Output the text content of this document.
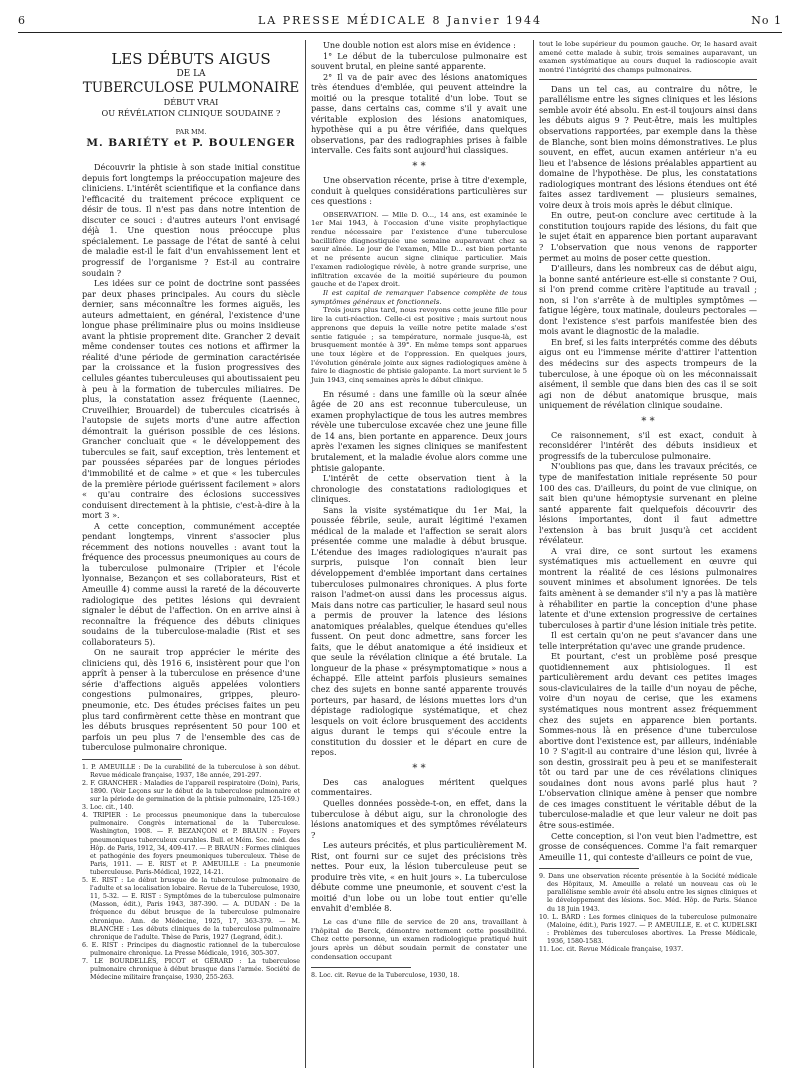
6	LA PRESSE MÉDICALE 8 Janvier 1944	No 1
LES DÉBUTS AIGUS
DE LA
TUBERCULOSE PULMONAIRE
DÉBUT VRAI
OU RÉVÉLATION CLINIQUE SOUDAINE ?
PAR MM.
M. BARIÉTY et P. BOULENGER

Découvrir la phtisie à son stade initial constitue depuis fort longtemps la préoccupation majeure des cliniciens. L'intérêt scientifique et la confiance dans l'efficacité du traitement précoce expliquent ce désir de tous. Il n'est pas dans notre intention de discuter ce souci : d'autres auteurs l'ont envisagé déjà 1. Une question nous préoccupe plus spécialement. Le passage de l'état de santé à celui de maladie est-il le fait d'un envahissement lent et progressif de l'organisme ? Est-il au contraire soudain ?

Les idées sur ce point de doctrine sont passées par deux phases principales. Au cours du siècle dernier, sans méconnaître les formes aiguës, les auteurs admettaient, en général, l'existence d'une longue phase préliminaire plus ou moins insidieuse avant la phtisie proprement dite. Grancher 2 devait même condenser toutes ces notions et affirmer la réalité d'une période de germination caractérisée par la croissance et la fusion progressives des cellules géantes tuberculeuses qui aboutissaient peu à peu à la formation de tubercules miliaires. De plus, la constatation assez fréquente (Laennec, Cruveilhier, Brouardel) de tubercules cicatrisés à l'autopsie de sujets morts d'une autre affection démontrait la guérison possible de ces lésions. Grancher concluait que « le développement des tubercules se fait, sauf exception, très lentement et par poussées séparées par de longues périodes d'immobilité et de calme » et que « les tubercules de la première période guérissent facilement » alors « qu'au contraire des éclosions successives conduisent directement à la phtisie, c'est-à-dire à la mort 3 ».

A cette conception, communément acceptée pendant longtemps, vinrent s'associer plus récemment des notions nouvelles : avant tout la fréquence des processus pneumoniques au cours de la tuberculose pulmonaire (Tripier et l'école lyonnaise, Bezançon et ses collaborateurs, Rist et Ameuille 4) comme aussi la rareté de la découverte radiologique des petites lésions qui devraient signaler le début de l'affection. On en arrive ainsi à reconnaître la fréquence des débuts cliniques soudains de la tuberculose-maladie (Rist et ses collaborateurs 5).

On ne saurait trop apprécier le mérite des cliniciens qui, dès 1916 6, insistèrent pour que l'on apprît à penser à la tuberculose en présence d'une série d'affections aiguës appelées volontiers congestions pulmonaires, grippes, pleuro-pneumonie, etc. Des études précises faites un peu plus tard confirmèrent cette thèse en montrant que les débuts brusques représentent 50 pour 100 et parfois un peu plus 7 de l'ensemble des cas de tuberculose pulmonaire chronique.

1. P. AMEUILLE : De la curabilité de la tuberculose à son début. Revue médicale française, 1937, 18e année, 291-297.

2. F. GRANCHER : Maladies de l'appareil respiratoire (Doin), Paris, 1890. (Voir Leçons sur le début de la tuberculose pulmonaire et sur la période de germination de la phtisie pulmonaire, 125-169.)

3. Loc. cit., 140.

4. TRIPIER : Le processus pneumonique dans la tuberculose pulmonaire. Congrès international de la Tuberculose. Washington, 1908. — F. BEZANÇON et P. BRAUN : Foyers pneumoniques tuberculeux curables. Bull. et Mém. Soc. méd. des Hôp. de Paris, 1912, 34, 409-417. — P. BRAUN : Formes cliniques et pathogénie des foyers pneumoniques tuberculeux. Thèse de Paris, 1911. — E. RIST et P. AMEUILLE : La pneumonie tuberculeuse. Paris-Médical, 1922, 14-21.

5. E. RIST : Le début brusque de la tuberculose pulmonaire de l'adulte et sa localisation lobaire. Revue de la Tuberculose, 1930, 11, 5-32. — E. RIST : Symptômes de la tuberculose pulmonaire (Masson, édit.), Paris 1943, 387-390. — A. DUDAN : De la fréquence du début brusque de la tuberculose pulmonaire chronique. Ann. de Médecine, 1925, 17, 363-379. — M. BLANCHE : Les débuts cliniques de la tuberculose pulmonaire chronique de l'adulte. Thèse de Paris, 1927 (Legrand, édit.).

6. E. RIST : Principes du diagnostic rationnel de la tuberculose pulmonaire chronique. La Presse Médicale, 1916, 305-307.

7. LE BOURDELLÈS, PICOT et GÉRARD : La tuberculose pulmonaire chronique à début brusque dans l'armée. Société de Médecine militaire française, 1930, 255-263.

Une double notion est alors mise en évidence :

1° Le début de la tuberculose pulmonaire est souvent brutal, en pleine santé apparente.

2° Il va de pair avec des lésions anatomiques très étendues d'emblée, qui peuvent atteindre la moitié ou la presque totalité d'un lobe. Tout se passe, dans certains cas, comme s'il y avait une véritable explosion des lésions anatomiques, hypothèse qui a pu être vérifiée, dans quelques observations, par des radiographies prises à faible intervalle. Ces faits sont aujourd'hui classiques.

* *

Une observation récente, prise à titre d'exemple, conduit à quelques considérations particulières sur ces questions :

OBSERVATION. — Mlle D. O..., 14 ans, est examinée le 1er Mai 1943, à l'occasion d'une visite prophylactique rendue nécessaire par l'existence d'une tuberculose bacillifère diagnostiquée une semaine auparavant chez sa sœur aînée. Le jour de l'examen, Mlle D... est bien portante et ne présente aucun signe clinique particulier. Mais l'examen radiologique révèle, à notre grande surprise, une infiltration excavée de la moitié supérieure du poumon gauche et de l'apex droit.

Il est capital de remarquer l'absence complète de tous symptômes généraux et fonctionnels.

Trois jours plus tard, nous revoyons cette jeune fille pour lire la cuti-réaction. Celle-ci est positive ; mais surtout nous apprenons que depuis la veille notre petite malade s'est sentie fatiguée ; sa température, normale jusque-là, est brusquement montée à 39°. En même temps sont apparues une toux légère et de l'oppression. En quelques jours, l'évolution générale jointe aux signes radiologiques amène à faire le diagnostic de phtisie galopante. La mort survient le 5 Juin 1943, cinq semaines après le début clinique.

En résumé : dans une famille où la sœur aînée âgée de 20 ans est reconnue tuberculeuse, un examen prophylactique de tous les autres membres révèle une tuberculose excavée chez une jeune fille de 14 ans, bien portante en apparence. Deux jours après l'examen les signes cliniques se manifestent brutalement, et la maladie évolue alors comme une phtisie galopante.

L'intérêt de cette observation tient à la chronologie des constatations radiologiques et cliniques.

Sans la visite systématique du 1er Mai, la poussée fébrile, seule, aurait légitimé l'examen médical de la malade et l'affection se serait alors présentée comme une maladie à début brusque. L'étendue des images radiologiques n'aurait pas surpris, puisque l'on connaît bien leur développement d'emblée important dans certaines tuberculoses pulmonaires chroniques. A plus forte raison l'admet-on aussi dans les processus aigus. Mais dans notre cas particulier, le hasard seul nous a permis de prouver la latence des lésions anatomiques préalables, quelque étendues qu'elles fussent. On peut donc admettre, sans forcer les faits, que le début anatomique a été insidieux et que seule la révélation clinique a été brutale. La longueur de la phase « présymptomatique » nous a échappé. Elle atteint parfois plusieurs semaines chez des sujets en bonne santé apparente trouvés porteurs, par hasard, de lésions muettes lors d'un dépistage radiologique systématique, et chez lesquels on voit éclore brusquement des accidents aigus durant le temps qui s'écoule entre la constitution du dossier et le départ en cure de repos.

* *

Des cas analogues méritent quelques commentaires.

Quelles données possède-t-on, en effet, dans la tuberculose à début aigu, sur la chronologie des lésions anatomiques et des symptômes révélateurs ?

Les auteurs précités, et plus particulièrement M. Rist, ont fourni sur ce sujet des précisions très nettes. Pour eux, la lésion tuberculeuse peut se produire très vite, « en huit jours ». La tuberculose débute comme une pneumonie, et souvent c'est la moitié d'un lobe ou un lobe tout entier qu'elle envahit d'emblée 8.

Le cas d'une fille de service de 20 ans, travaillant à l'hôpital de Berck, démontre nettement cette possibilité. Chez cette personne, un examen radiologique pratiqué huit jours après un début soudain permit de constater une condensation occupant

8. Loc. cit. Revue de la Tuberculose, 1930, 18.

tout le lobe supérieur du poumon gauche. Or, le hasard avait amené cette malade à subir, trois semaines auparavant, un examen systématique au cours duquel la radioscopie avait montré l'intégrité des champs pulmonaires.

Dans un tel cas, au contraire du nôtre, le parallélisme entre les signes cliniques et les lésions semble avoir été absolu. En est-il toujours ainsi dans les débuts aigus 9 ? Peut-être, mais les multiples observations rapportées, par exemple dans la thèse de Blanche, sont bien moins démonstratives. Le plus souvent, en effet, aucun examen antérieur n'a eu lieu et l'absence de lésions préalables appartient au domaine de l'hypothèse. De plus, les constatations radiologiques montrant des lésions étendues ont été faites assez tardivement — plusieurs semaines, voire deux à trois mois après le début clinique.

En outre, peut-on conclure avec certitude à la constitution toujours rapide des lésions, du fait que le sujet était en apparence bien portant auparavant ? L'observation que nous venons de rapporter permet au moins de poser cette question.

D'ailleurs, dans les nombreux cas de début aigu, la bonne santé antérieure est-elle si constante ? Oui, si l'on prend comme critère l'aptitude au travail ; non, si l'on s'arrête à de multiples symptômes — fatigue légère, toux matinale, douleurs pectorales — dont l'existence s'est parfois manifestée bien des mois avant le diagnostic de la maladie.

En bref, si les faits interprétés comme des débuts aigus ont eu l'immense mérite d'attirer l'attention des médecins sur des aspects trompeurs de la tuberculose, à une époque où on les méconnaissait aisément, il semble que dans bien des cas il se soit agi non de début anatomique brusque, mais uniquement de révélation clinique soudaine.

* *

Ce raisonnement, s'il est exact, conduit à reconsidérer l'intérêt des débuts insidieux et progressifs de la tuberculose pulmonaire.

N'oublions pas que, dans les travaux précités, ce type de manifestation initiale représente 50 pour 100 des cas. D'ailleurs, du point de vue clinique, on sait bien qu'une hémoptysie survenant en pleine santé apparente fait quelquefois découvrir des lésions importantes, dont il faut admettre l'extension à bas bruit jusqu'à cet accident révélateur.

A vrai dire, ce sont surtout les examens systématiques mis actuellement en œuvre qui montrent la réalité de ces lésions pulmonaires souvent minimes et absolument ignorées. De tels faits amènent à se demander s'il n'y a pas là matière à réhabiliter en partie la conception d'une phase latente et d'une extension progressive de certaines tuberculoses à partir d'une lésion initiale très petite.

Il est certain qu'on ne peut s'avancer dans une telle interprétation qu'avec une grande prudence.

Et pourtant, c'est un problème posé presque quotidiennement aux phtisiologues. Il est particulièrement ardu devant ces petites images sous-claviculaires de la taille d'un noyau de pêche, voire d'un noyau de cerise, que les examens systématiques nous montrent assez fréquemment chez des sujets en apparence bien portants. Sommes-nous là en présence d'une tuberculose abortive dont l'existence est, par ailleurs, indéniable 10 ? S'agit-il au contraire d'une lésion qui, livrée à son destin, grossirait peu à peu et se manifesterait tôt ou tard par une de ces révélations cliniques soudaines dont nous avons parlé plus haut ? L'observation clinique amène à penser que nombre de ces images constituent le véritable début de la tuberculose-maladie et que leur valeur ne doit pas être sous-estimée.

Cette conception, si l'on veut bien l'admettre, est grosse de conséquences. Comme l'a fait remarquer Ameuille 11, qui conteste d'ailleurs ce point de vue,

9. Dans une observation récente présentée à la Société médicale des Hôpitaux, M. Ameuille a relaté un nouveau cas où le parallélisme semble avoir été absolu entre les signes cliniques et le développement des lésions. Soc. Méd. Hôp. de Paris. Séance du 18 Juin 1943.

10. L. BARD : Les formes cliniques de la tuberculose pulmonaire (Maloine, édit.), Paris 1927. — P. AMEUILLE, E. et C. KUDELSKI : Problèmes des tuberculoses abortives. La Presse Médicale, 1936, 1580-1583.

11. Loc. cit. Revue Médicale française, 1937.
